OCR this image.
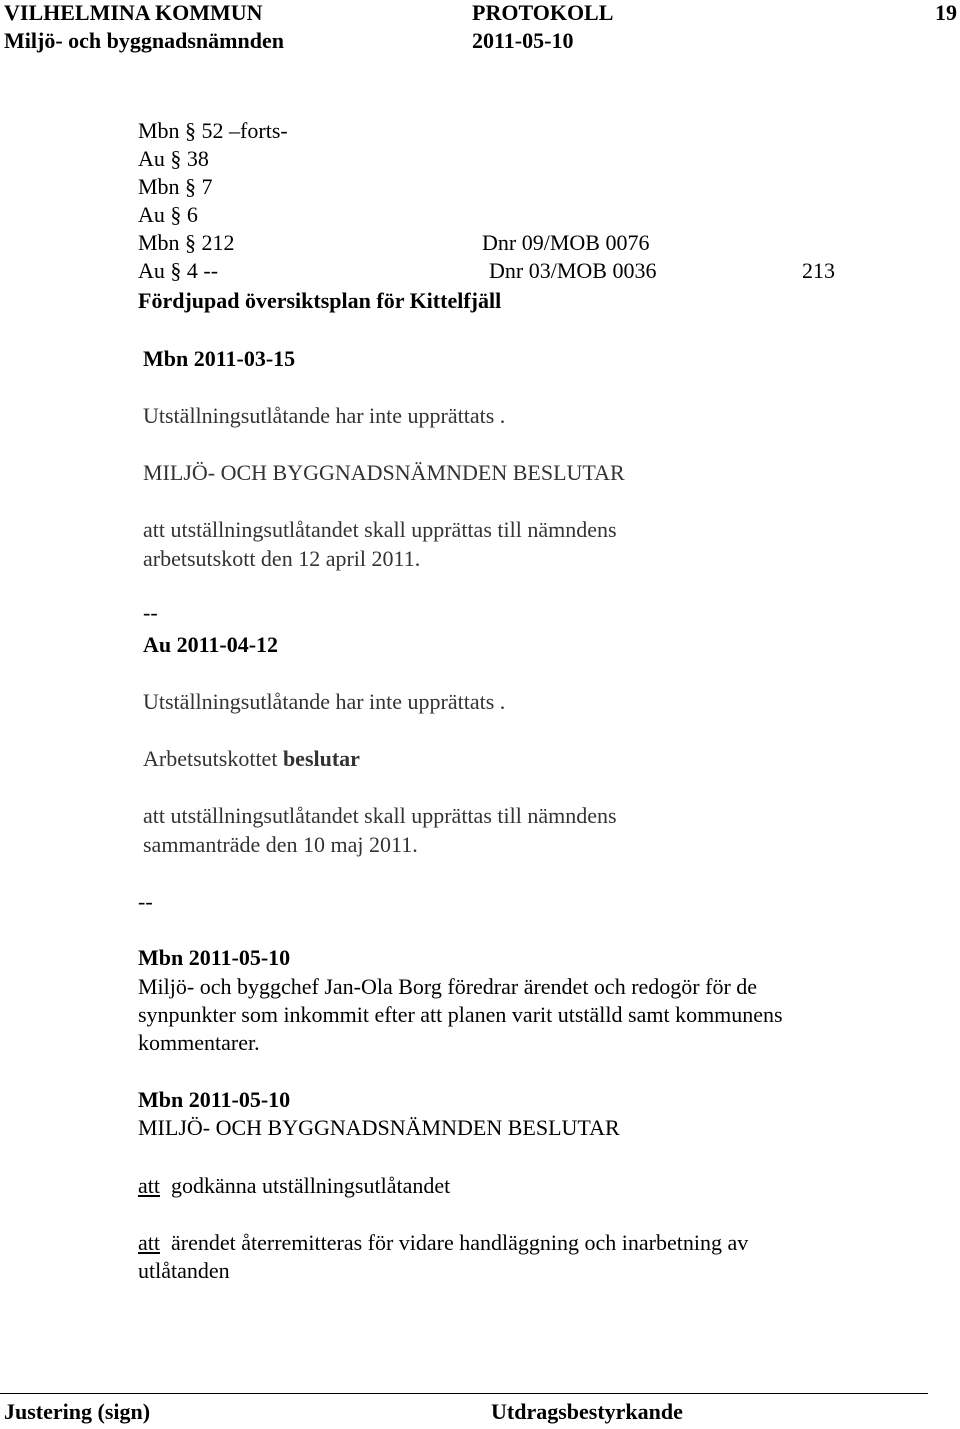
VILHELMINA KOMMUN	PROTOKOLL	19
Miljö- och byggnadsnämnden	2011-05-10
Mbn § 52 –forts-
Au § 38
Mbn § 7
Au § 6
Mbn § 212	Dnr 09/MOB 0076
Au § 4 --	Dnr 03/MOB 0036	213
Fördjupad översiktsplan för Kittelfjäll
Mbn 2011-03-15
Utställningsutlåtande har inte upprättats .
MILJÖ- OCH BYGGNADSNÄMNDEN BESLUTAR
att utställningsutlåtandet skall upprättas till nämndens
arbetsutskott den 12 april 2011.
--
Au 2011-04-12
Utställningsutlåtande har inte upprättats .
Arbetsutskottet beslutar
att utställningsutlåtandet skall upprättas till nämndens
sammanträde den 10 maj 2011.
--
Mbn 2011-05-10
Miljö- och byggchef Jan-Ola Borg föredrar ärendet och redogör för de
synpunkter som inkommit efter att planen varit utställd samt kommunens
kommentarer.
Mbn 2011-05-10
MILJÖ- OCH BYGGNADSNÄMNDEN BESLUTAR
att godkänna utställningsutlåtandet
att ärendet återremitteras för vidare handläggning och inarbetning av
utlåtanden
Justering (sign)	Utdragsbestyrkande
